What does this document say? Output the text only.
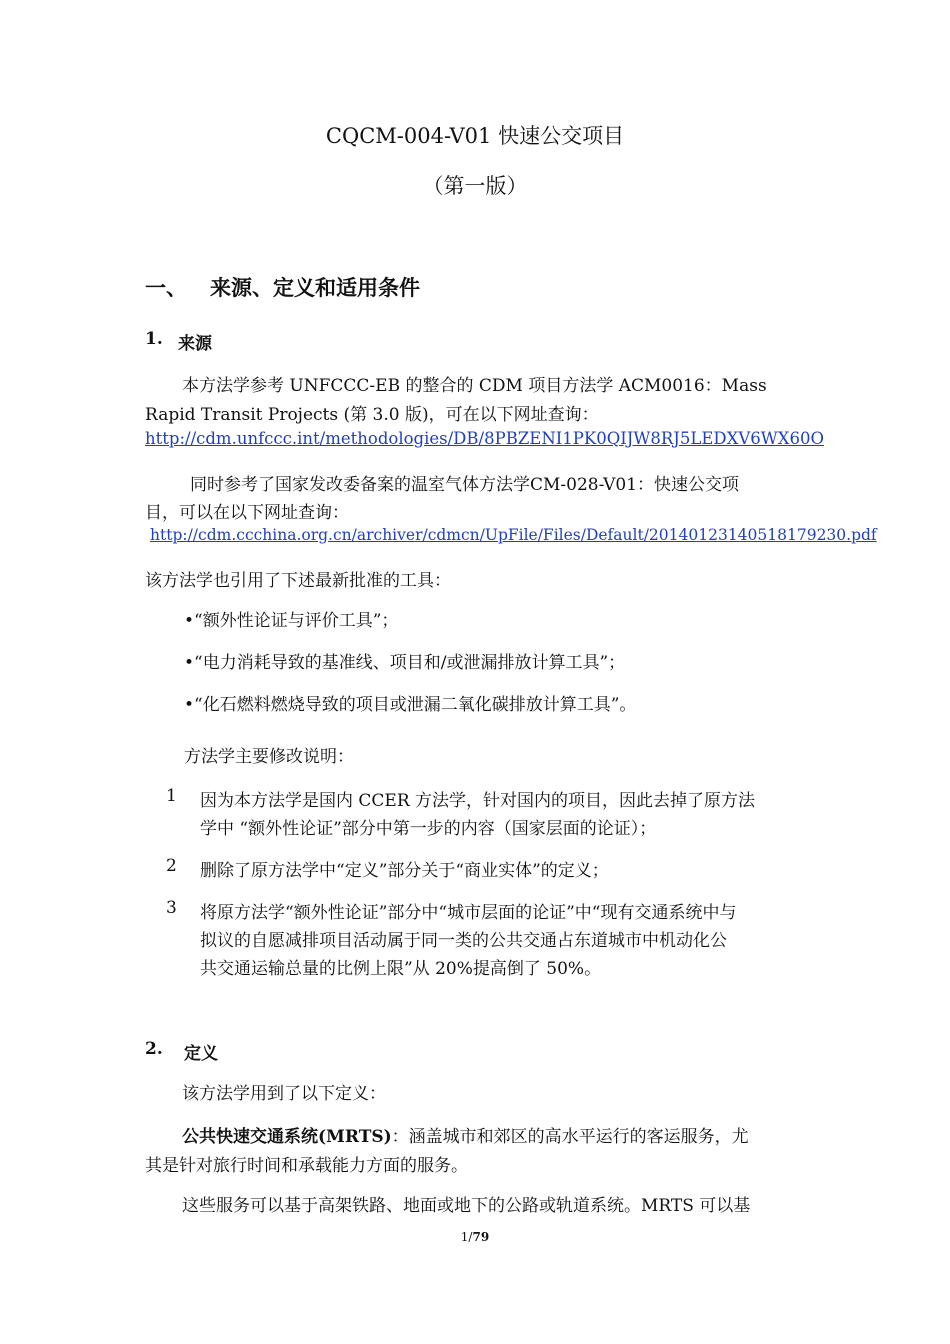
CQCM-004-V01 快速公交项目
（第一版）
一、 来源、定义和适用条件
1. 来源
本方法学参考 UNFCCC-EB 的整合的 CDM 项目方法学 ACM0016：Mass
Rapid Transit Projects (第 3.0 版)，可在以下网址查询：
http://cdm.unfccc.int/methodologies/DB/8PBZENI1PK0QIJW8RJ5LEDXV6WX60O
同时参考了国家发改委备案的温室气体方法学CM-028-V01：快速公交项
目，可以在以下网址查询：
http://cdm.ccchina.org.cn/archiver/cdmcn/UpFile/Files/Default/20140123140518179230.pdf
该方法学也引用了下述最新批准的工具：
•“额外性论证与评价工具”；
•“电力消耗导致的基准线、项目和/或泄漏排放计算工具”；
•“化石燃料燃烧导致的项目或泄漏二氧化碳排放计算工具”。
方法学主要修改说明：
1 因为本方法学是国内 CCER 方法学，针对国内的项目，因此去掉了原方法
学中 “额外性论证”部分中第一步的内容（国家层面的论证）；
2 删除了原方法学中“定义”部分关于“商业实体”的定义；
3 将原方法学“额外性论证”部分中“城市层面的论证”中“现有交通系统中与
拟议的自愿减排项目活动属于同一类的公共交通占东道城市中机动化公
共交通运输总量的比例上限”从 20%提高倒了 50%。
2. 定义
该方法学用到了以下定义：
公共快速交通系统(MRTS)：涵盖城市和郊区的高水平运行的客运服务，尤
其是针对旅行时间和承载能力方面的服务。
这些服务可以基于高架铁路、地面或地下的公路或轨道系统。MRTS 可以基
1/79
